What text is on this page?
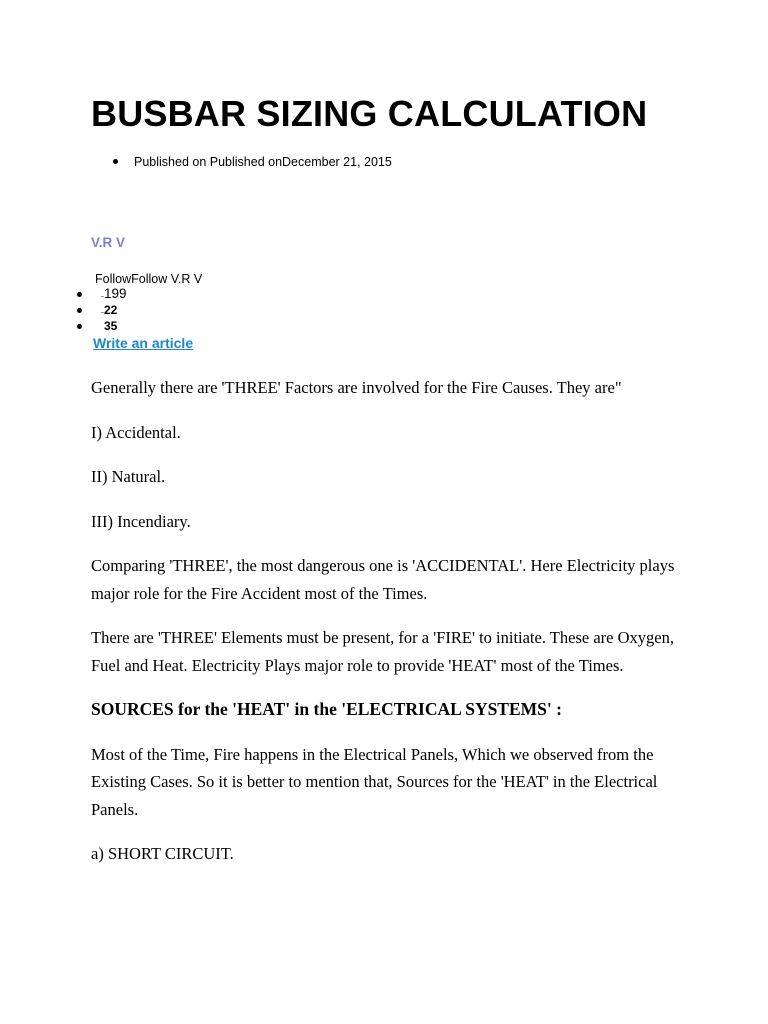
BUSBAR SIZING CALCULATION
Published on Published onDecember 21, 2015
V.R V
FollowFollow V.R V
199
22
35
Write an article

Generally there are 'THREE' Factors are involved for the Fire Causes. They are"

I) Accidental.

II) Natural.

III) Incendiary.

Comparing 'THREE', the most dangerous one is 'ACCIDENTAL'. Here Electricity plays major role for the Fire Accident most of the Times.

There are 'THREE' Elements must be present, for a 'FIRE' to initiate. These are Oxygen, Fuel and Heat. Electricity Plays major role to provide 'HEAT' most of the Times.

SOURCES for the 'HEAT' in the 'ELECTRICAL SYSTEMS' :

Most of the Time, Fire happens in the Electrical Panels, Which we observed from the Existing Cases. So it is better to mention that, Sources for the 'HEAT' in the Electrical Panels.

a) SHORT CIRCUIT.
